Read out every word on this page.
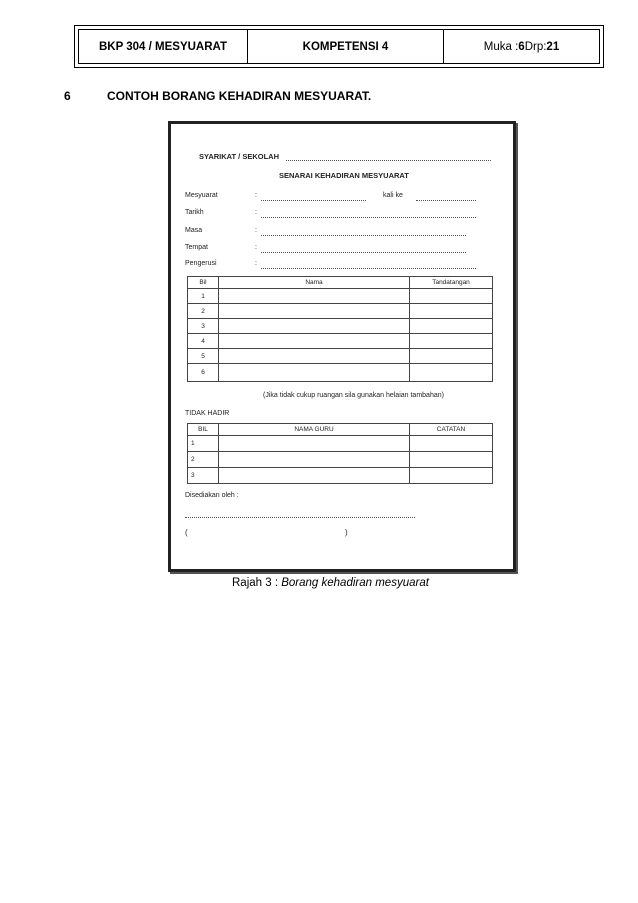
BKP 304 / MESYUARAT	KOMPETENSI 4	Muka : 6 Drp: 21
6	CONTOH BORANG KEHADIRAN MESYUARAT.
SYARIKAT / SEKOLAH
SENARAI KEHADIRAN MESYUARAT
Mesyuarat	:	kali ke
Tarikh	:
Masa	:
Tempat	:
Pengerusi	:
Bil	Nama	Tandatangan
1		
2		
3		
4		
5		
6		
(Jika tidak cukup ruangan sila gunakan helaian tambahan)
TIDAK HADIR
BIL	NAMA GURU	CATATAN
1		
2		
3		
Disediakan oleh :
(	)
Rajah 3 : Borang kehadiran mesyuarat
